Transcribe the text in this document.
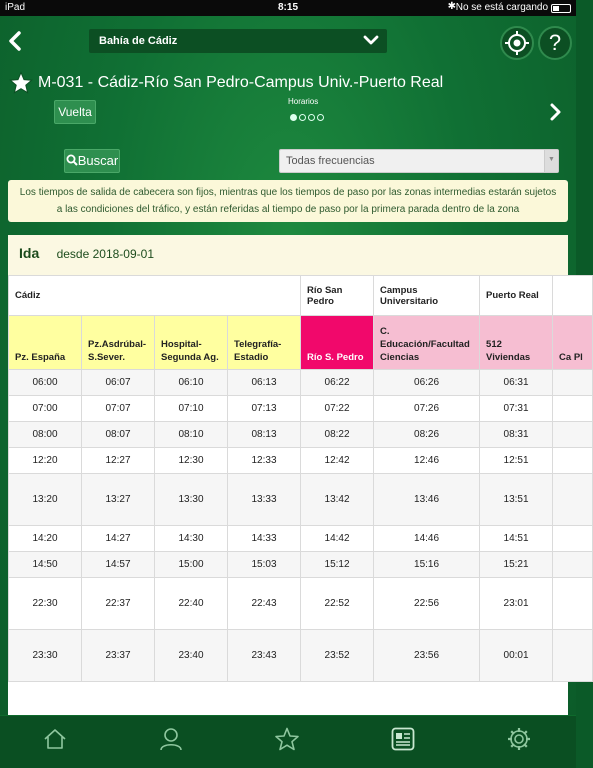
iPad	8:15	✱ No se está cargando
Bahía de Cádiz	?
M-031 - Cádiz-Río San Pedro-Campus Univ.-Puerto Real
Vuelta
Horarios
Buscar	Todas frecuencias	▼
Los tiempos de salida de cabecera son fijos, mientras que los tiempos de paso por las zonas intermedias estarán sujetos a las condiciones del tráfico, y están referidas al tiempo de paso por la primera parada dentro de la zona
Ida desde 2018-09-01
Cádiz				Río San Pedro	Campus Universitario	Puerto Real	
Pz. España	Pz.Asdrúbal-S.Sever.	Hospital-Segunda Ag.	Telegrafía-Estadio	Río S. Pedro	C. Educación/Facultad Ciencias	512 Viviendas	Ca Pl
06:00	06:07	06:10	06:13	06:22	06:26	06:31	
07:00	07:07	07:10	07:13	07:22	07:26	07:31	
08:00	08:07	08:10	08:13	08:22	08:26	08:31	
12:20	12:27	12:30	12:33	12:42	12:46	12:51	
13:20	13:27	13:30	13:33	13:42	13:46	13:51	
14:20	14:27	14:30	14:33	14:42	14:46	14:51	
14:50	14:57	15:00	15:03	15:12	15:16	15:21	
22:30	22:37	22:40	22:43	22:52	22:56	23:01	
23:30	23:37	23:40	23:43	23:52	23:56	00:01	
